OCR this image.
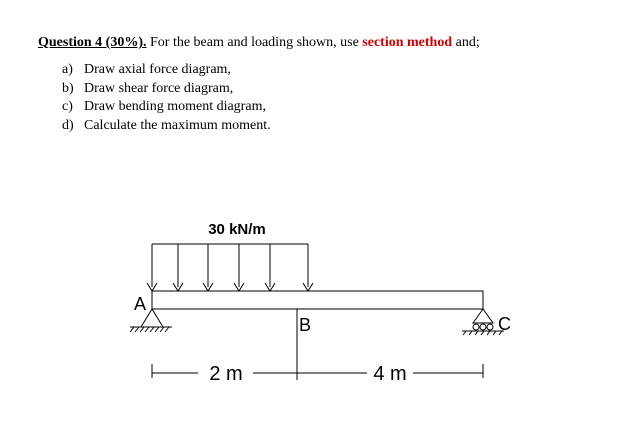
Question 4 (30%). For the beam and loading shown, use section method and;
a) Draw axial force diagram,
b) Draw shear force diagram,
c) Draw bending moment diagram,
d) Calculate the maximum moment.
30 kN/m
A
C
B
2 m	4 m
